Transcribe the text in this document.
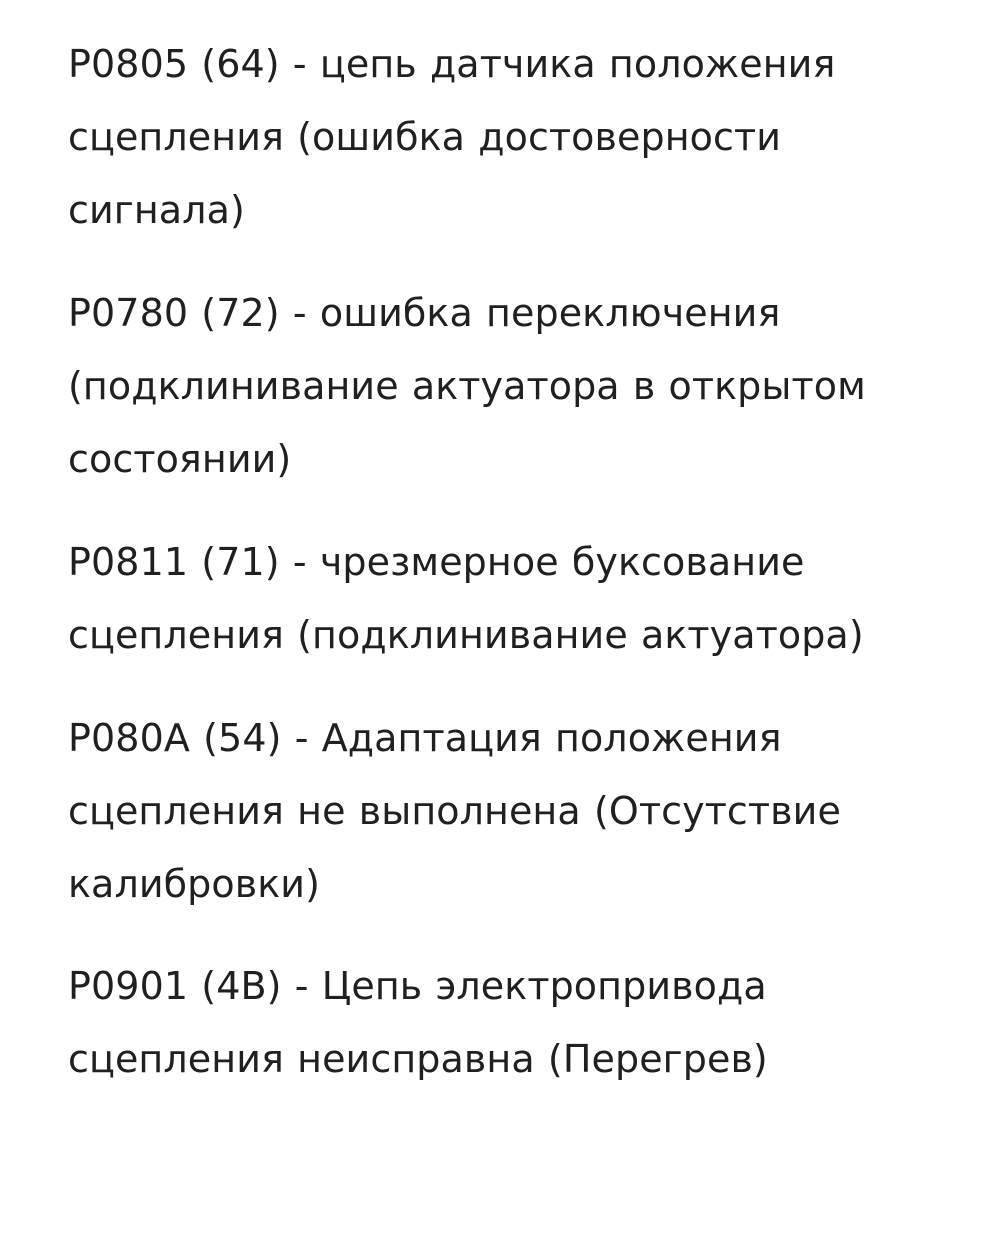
P0805 (64) - цепь датчика положения сцепления (ошибка достоверности сигнала)

P0780 (72) - ошибка переключения (подклинивание актуатора в открытом состоянии)

P0811 (71) - чрезмерное буксование сцепления (подклинивание актуатора)

P080A (54) - Адаптация положения сцепления не выполнена (Отсутствие калибровки)

P0901 (4B) - Цепь электропривода сцепления неисправна (Перегрев)
